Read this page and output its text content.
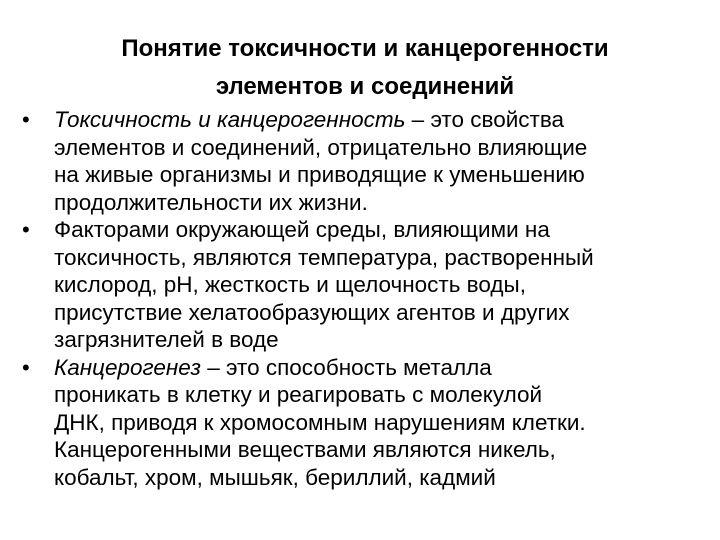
Понятие токсичности и канцерогенности
элементов и соединений
• Токсичность и канцерогенность – это свойства
элементов и соединений, отрицательно влияющие
на живые организмы и приводящие к уменьшению
продолжительности их жизни.
• Факторами окружающей среды, влияющими на
токсичность, являются температура, растворенный
кислород, pH, жесткость и щелочность воды,
присутствие хелатообразующих агентов и других
загрязнителей в воде
• Канцерогенез – это способность металла
проникать в клетку и реагировать с молекулой
ДНК, приводя к хромосомным нарушениям клетки.
Канцерогенными веществами являются никель,
кобальт, хром, мышьяк, бериллий, кадмий
